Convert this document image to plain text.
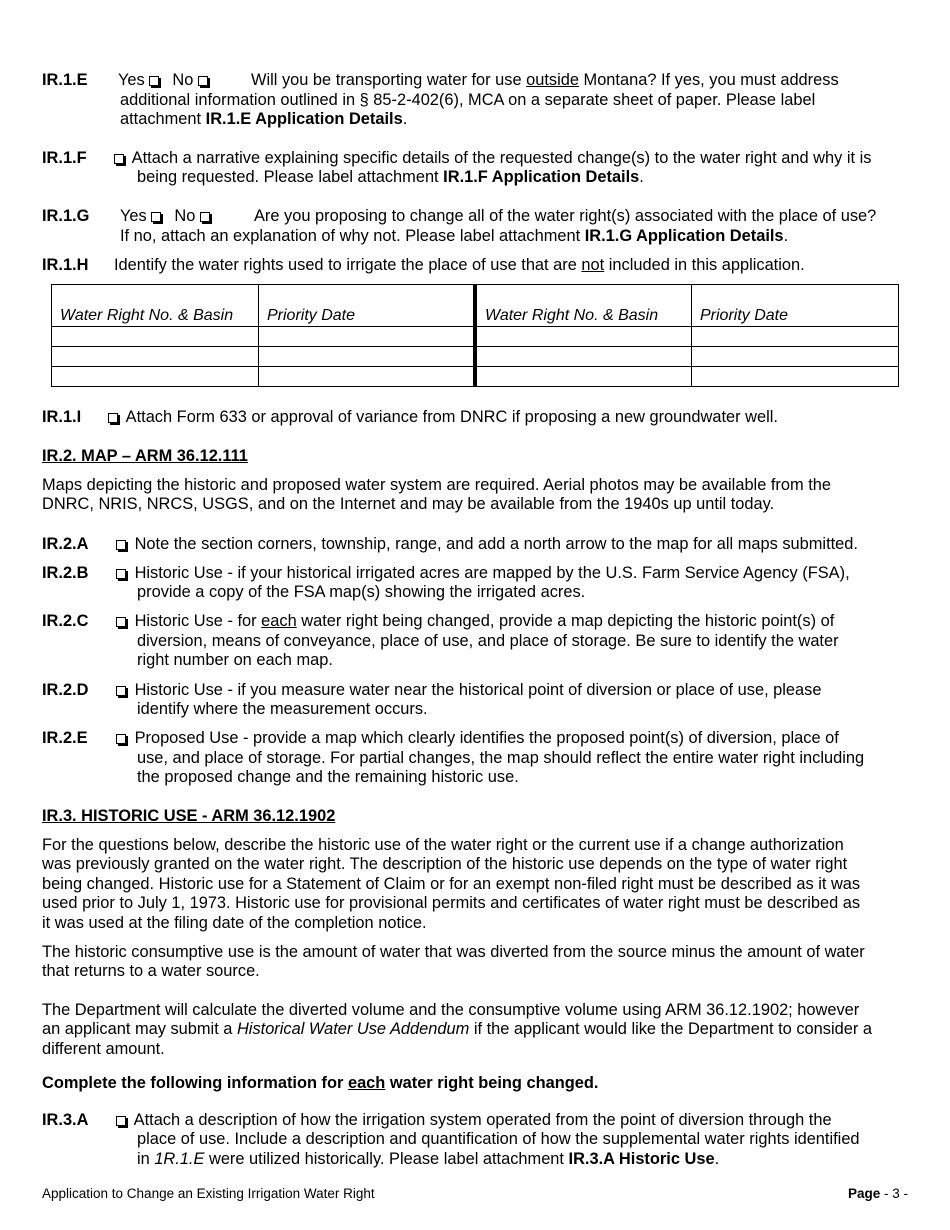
IR.1.E Yes No	Will you be transporting water for use outside Montana? If yes, you must address
additional information outlined in § 85-2-402(6), MCA on a separate sheet of paper. Please label
attachment IR.1.E Application Details.
IR.1.F	Attach a narrative explaining specific details of the requested change(s) to the water right and why it is
being requested. Please label attachment IR.1.F Application Details.
IR.1.G Yes No	Are you proposing to change all of the water right(s) associated with the place of use?
If no, attach an explanation of why not. Please label attachment IR.1.G Application Details.
IR.1.H Identify the water rights used to irrigate the place of use that are not included in this application.
Water Right No. & Basin	Priority Date	Water Right No. & Basin	Priority Date

IR.1.I	Attach Form 633 or approval of variance from DNRC if proposing a new groundwater well.
IR.2. MAP – ARM 36.12.111
Maps depicting the historic and proposed water system are required. Aerial photos may be available from the
DNRC, NRIS, NRCS, USGS, and on the Internet and may be available from the 1940s up until today.
IR.2.A	Note the section corners, township, range, and add a north arrow to the map for all maps submitted.
IR.2.B	Historic Use - if your historical irrigated acres are mapped by the U.S. Farm Service Agency (FSA),
provide a copy of the FSA map(s) showing the irrigated acres.
IR.2.C	Historic Use - for each water right being changed, provide a map depicting the historic point(s) of
diversion, means of conveyance, place of use, and place of storage. Be sure to identify the water
right number on each map.
IR.2.D	Historic Use - if you measure water near the historical point of diversion or place of use, please
identify where the measurement occurs.
IR.2.E	Proposed Use - provide a map which clearly identifies the proposed point(s) of diversion, place of
use, and place of storage. For partial changes, the map should reflect the entire water right including
the proposed change and the remaining historic use.
IR.3. HISTORIC USE - ARM 36.12.1902
For the questions below, describe the historic use of the water right or the current use if a change authorization
was previously granted on the water right. The description of the historic use depends on the type of water right
being changed. Historic use for a Statement of Claim or for an exempt non-filed right must be described as it was
used prior to July 1, 1973. Historic use for provisional permits and certificates of water right must be described as
it was used at the filing date of the completion notice.
The historic consumptive use is the amount of water that was diverted from the source minus the amount of water
that returns to a water source.
The Department will calculate the diverted volume and the consumptive volume using ARM 36.12.1902; however
an applicant may submit a Historical Water Use Addendum if the applicant would like the Department to consider a
different amount.
Complete the following information for each water right being changed.
IR.3.A	Attach a description of how the irrigation system operated from the point of diversion through the
place of use. Include a description and quantification of how the supplemental water rights identified
in 1R.1.E were utilized historically. Please label attachment IR.3.A Historic Use.
Application to Change an Existing Irrigation Water Right	Page - 3 -
